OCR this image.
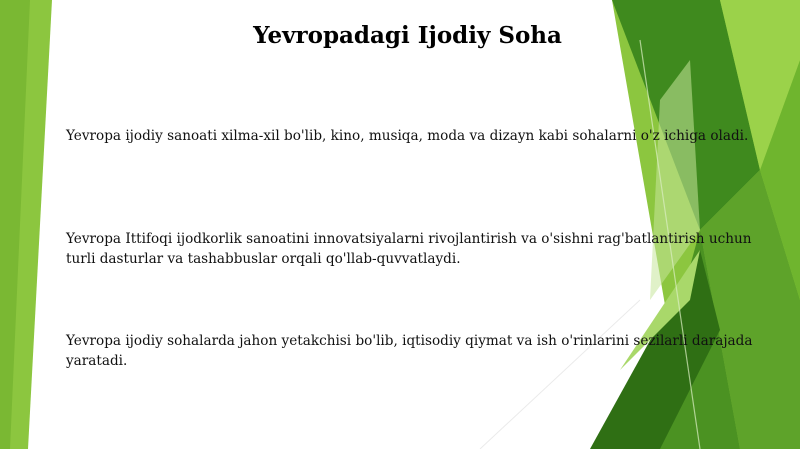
Yevropadagi Ijodiy Soha

Yevropa ijodiy sanoati xilma-xil bo'lib, kino, musiqa, moda va dizayn kabi sohalarni o'z ichiga oladi.

Yevropa Ittifoqi ijodkorlik sanoatini innovatsiyalarni rivojlantirish va o'sishni rag'batlantirish uchun turli dasturlar va tashabbuslar orqali qo'llab-quvvatlaydi.

Yevropa ijodiy sohalarda jahon yetakchisi bo'lib, iqtisodiy qiymat va ish o'rinlarini sezilarli darajada yaratadi.
